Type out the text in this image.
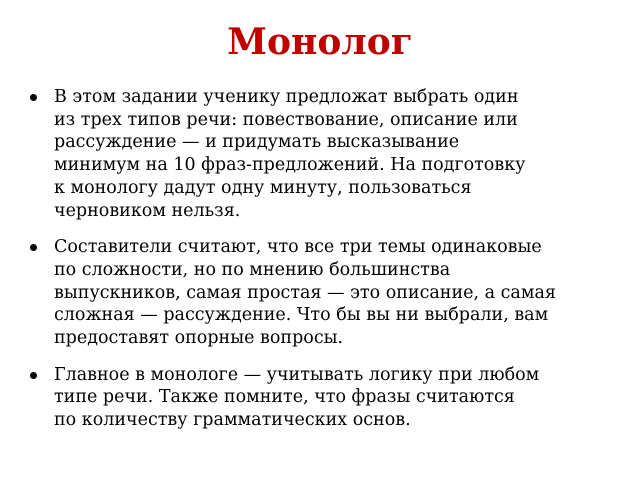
Монолог
В этом задании ученику предложат выбрать один
из трех типов речи: повествование, описание или
рассуждение — и придумать высказывание
минимум на 10 фраз-предложений. На подготовку
к монологу дадут одну минуту, пользоваться
черновиком нельзя.
Составители считают, что все три темы одинаковые
по сложности, но по мнению большинства
выпускников, самая простая — это описание, а самая
сложная — рассуждение. Что бы вы ни выбрали, вам
предоставят опорные вопросы.
Главное в монологе — учитывать логику при любом
типе речи. Также помните, что фразы считаются
по количеству грамматических основ.
